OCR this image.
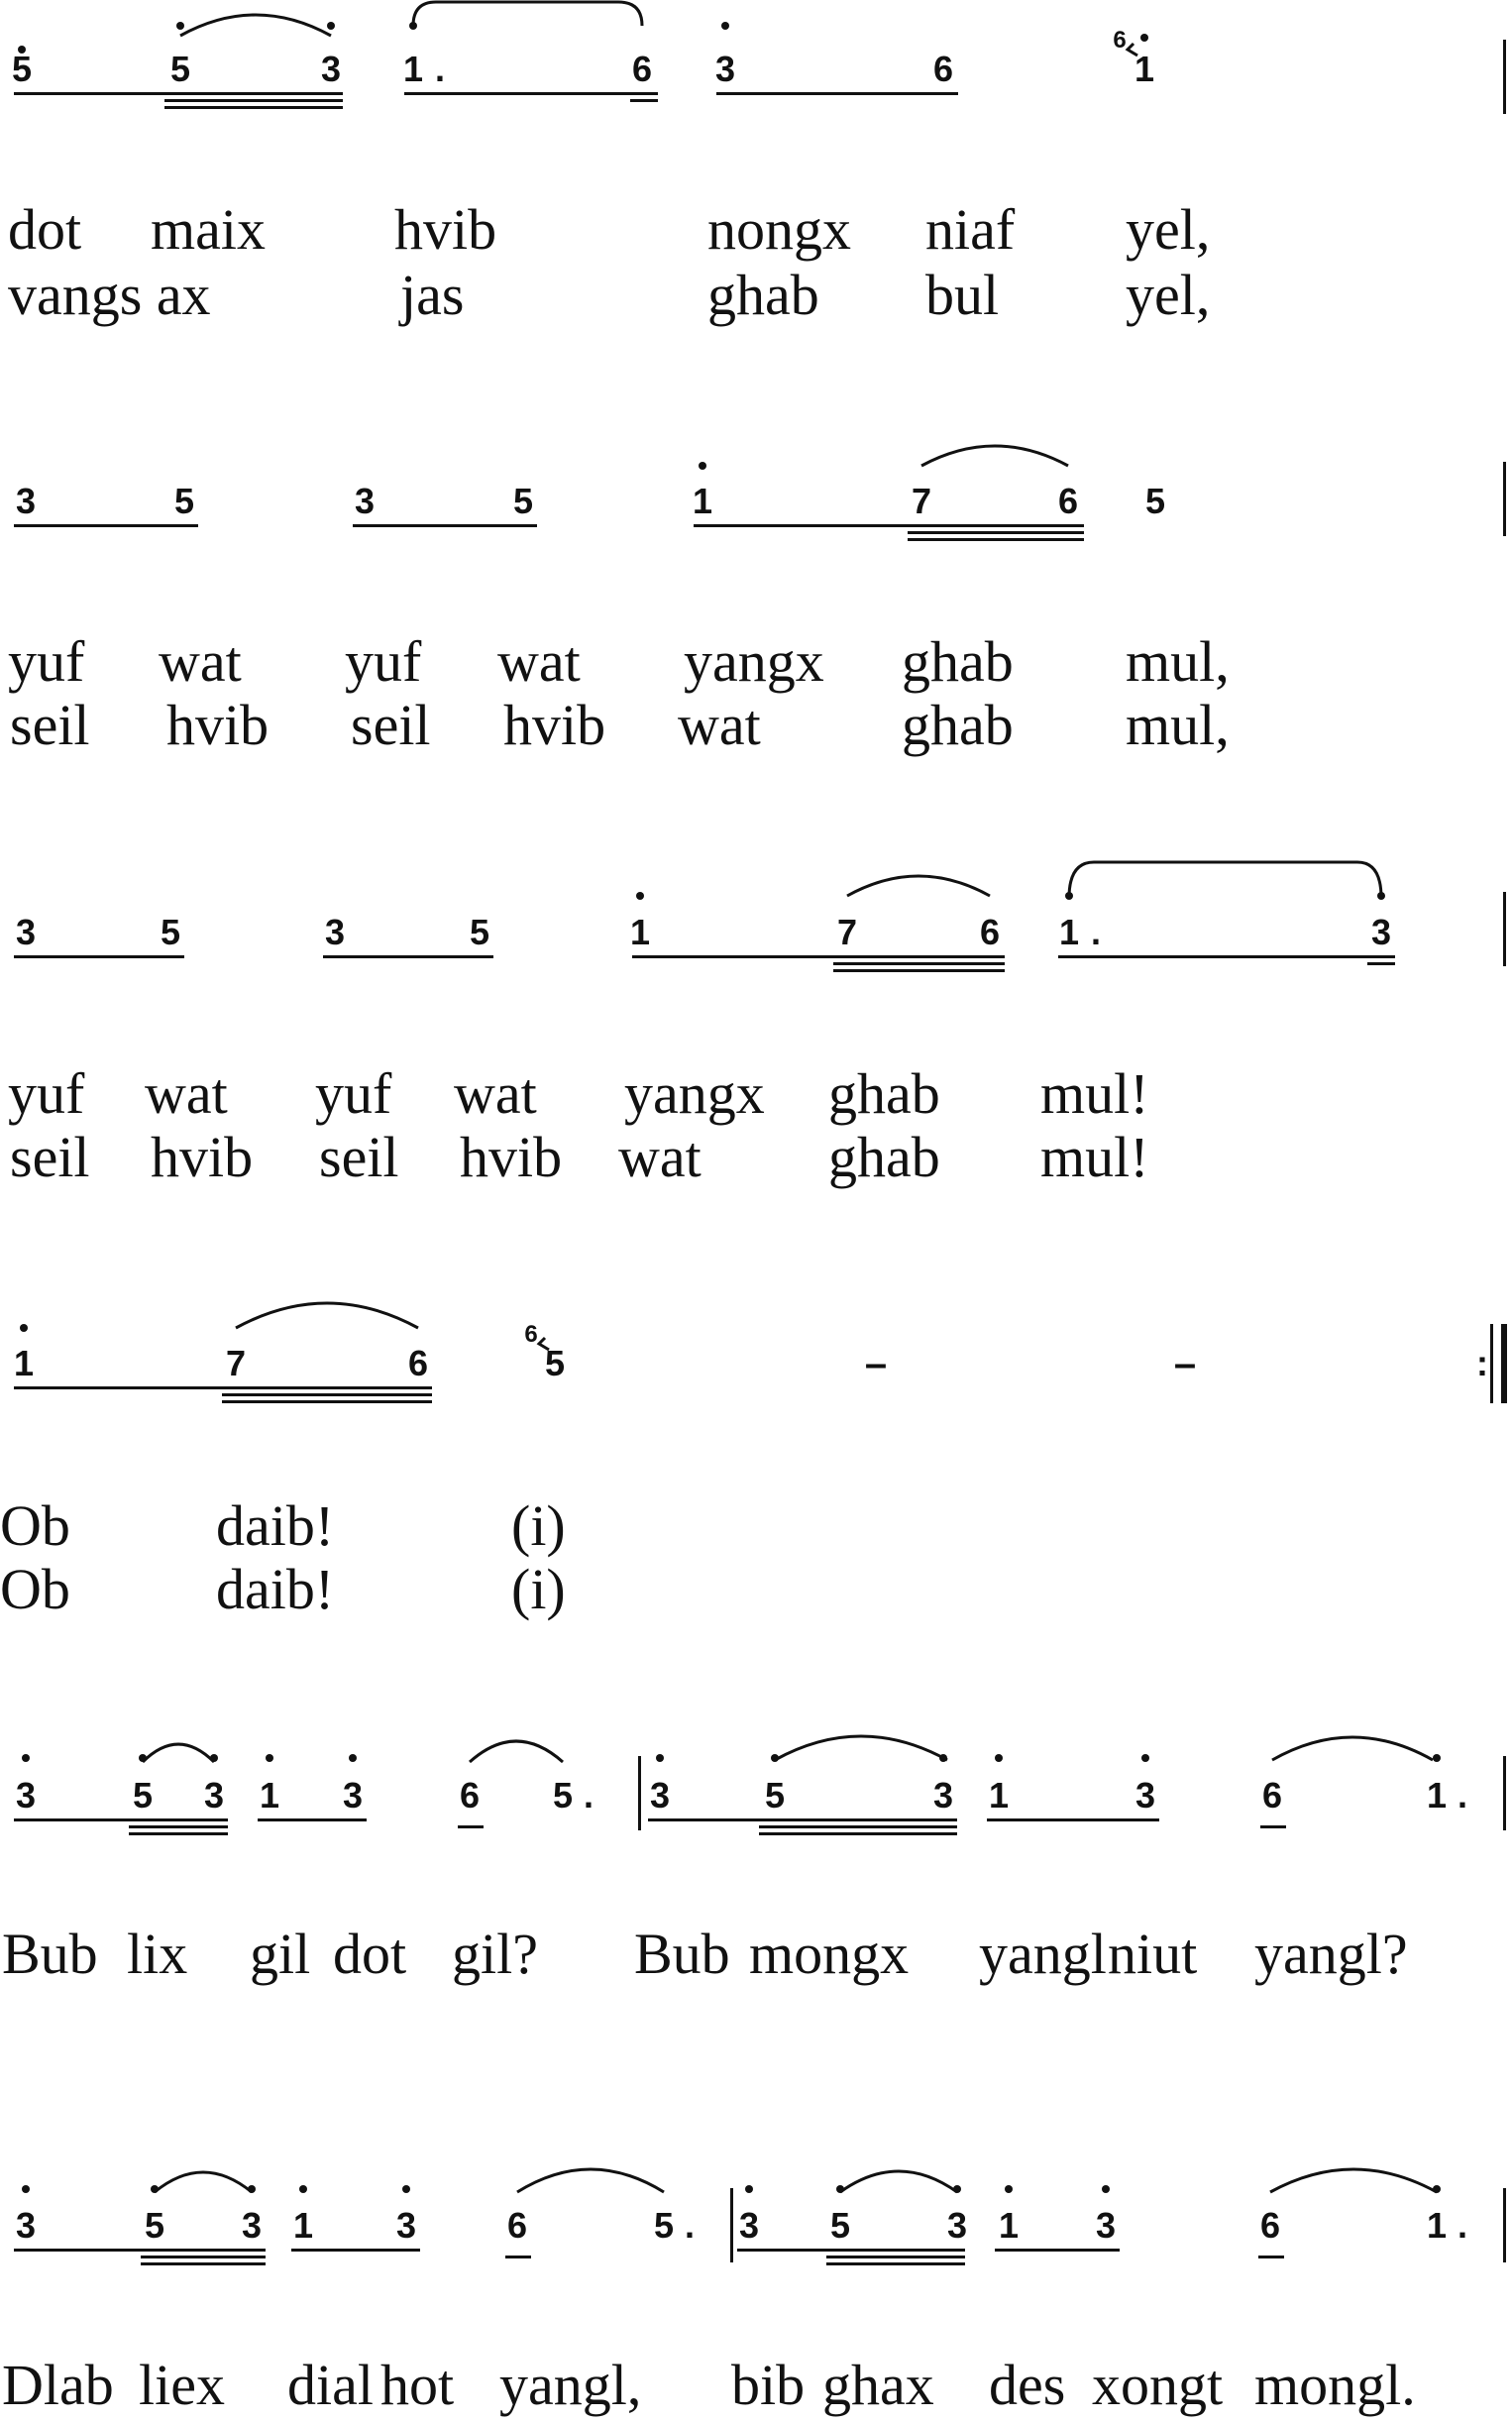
5	5	3 1 .	6 3	6
6
1
dot maix hvib	nongx niaf yel,
vangs ax	jas	ghab bul yel,
3	5	3	5	1	7	6 5
yuf wat yuf wat yangx ghab mul,
seil hvib seil hvib wat ghab mul,
3	5	3	5	1	7	6 1 .	3
yuf wat yuf wat yangx ghab mul!
seil hvib seil hvib wat ghab mul!
1	7	6
6
5	–	–	:
Ob	daib!	(i)
Ob	daib!	(i)
3	5 3 1 3	6 5 . 3	5	3 1	3	6	1 .
Bub lix gil dot gil? Bub mongx yangl niut yangl?
3	5 3 1 3	6	5 . 3 5	3 1 3	6	1 .
Dlab liex dial hot yangl, bib ghax des xongt mongl.
